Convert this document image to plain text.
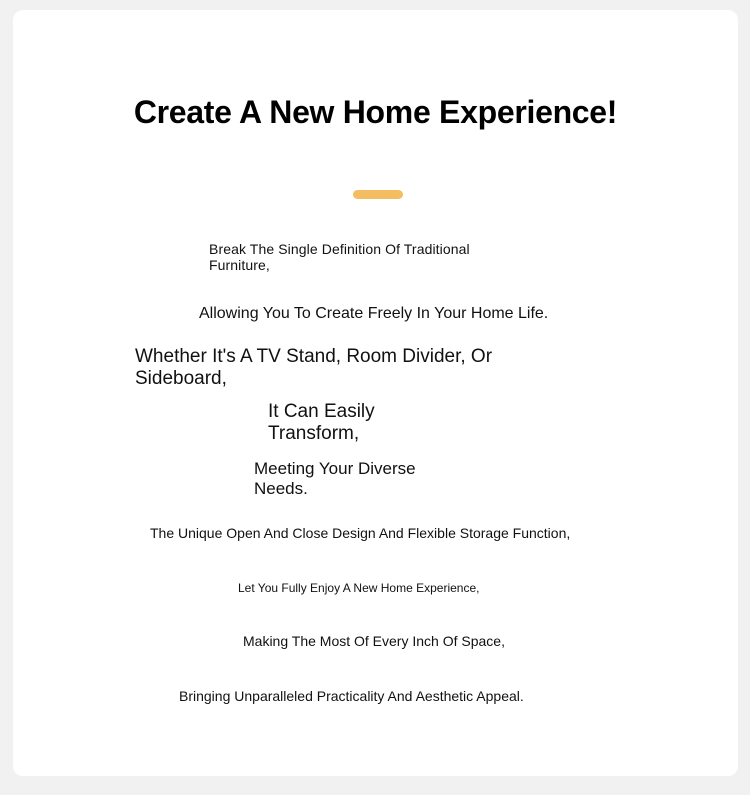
Create A New Home Experience!

Break The Single Definition Of Traditional Furniture,

Allowing You To Create Freely In Your Home Life.

Whether It's A TV Stand, Room Divider, Or Sideboard,

It Can Easily Transform,

Meeting Your Diverse Needs.

The Unique Open And Close Design And Flexible Storage Function,

Let You Fully Enjoy A New Home Experience,

Making The Most Of Every Inch Of Space,

Bringing Unparalleled Practicality And Aesthetic Appeal.
